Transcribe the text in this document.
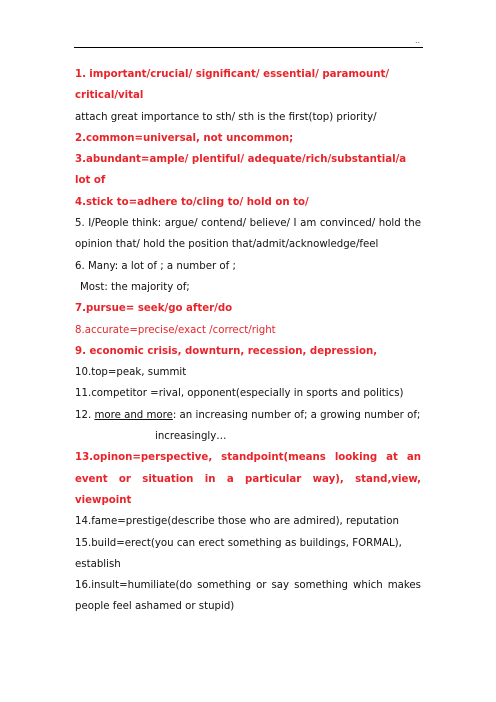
..

1. important/crucial/ significant/ essential/ paramount/ critical/vital

attach great importance to sth/ sth is the first(top) priority/

2.common=universal, not uncommon;

3.abundant=ample/ plentiful/ adequate/rich/substantial/a lot of

4.stick to=adhere to/cling to/ hold on to/

5. I/People think: argue/ contend/ believe/ I am convinced/ hold the opinion that/ hold the position that/admit/acknowledge/feel

6. Many: a lot of ; a number of ;

Most: the majority of;

7.pursue= seek/go after/do

8.accurate=precise/exact /correct/right

9. economic crisis, downturn, recession, depression,

10.top=peak, summit

11.competitor =rival, opponent(especially in sports and politics)

12. more and more: an increasing number of; a growing number of;

increasingly…

13.opinon=perspective, standpoint(means looking at an event or situation in a particular way), stand,view, viewpoint

14.fame=prestige(describe those who are admired), reputation

15.build=erect(you can erect something as buildings, FORMAL), establish

16.insult=humiliate(do something or say something which makes people feel ashamed or stupid)
